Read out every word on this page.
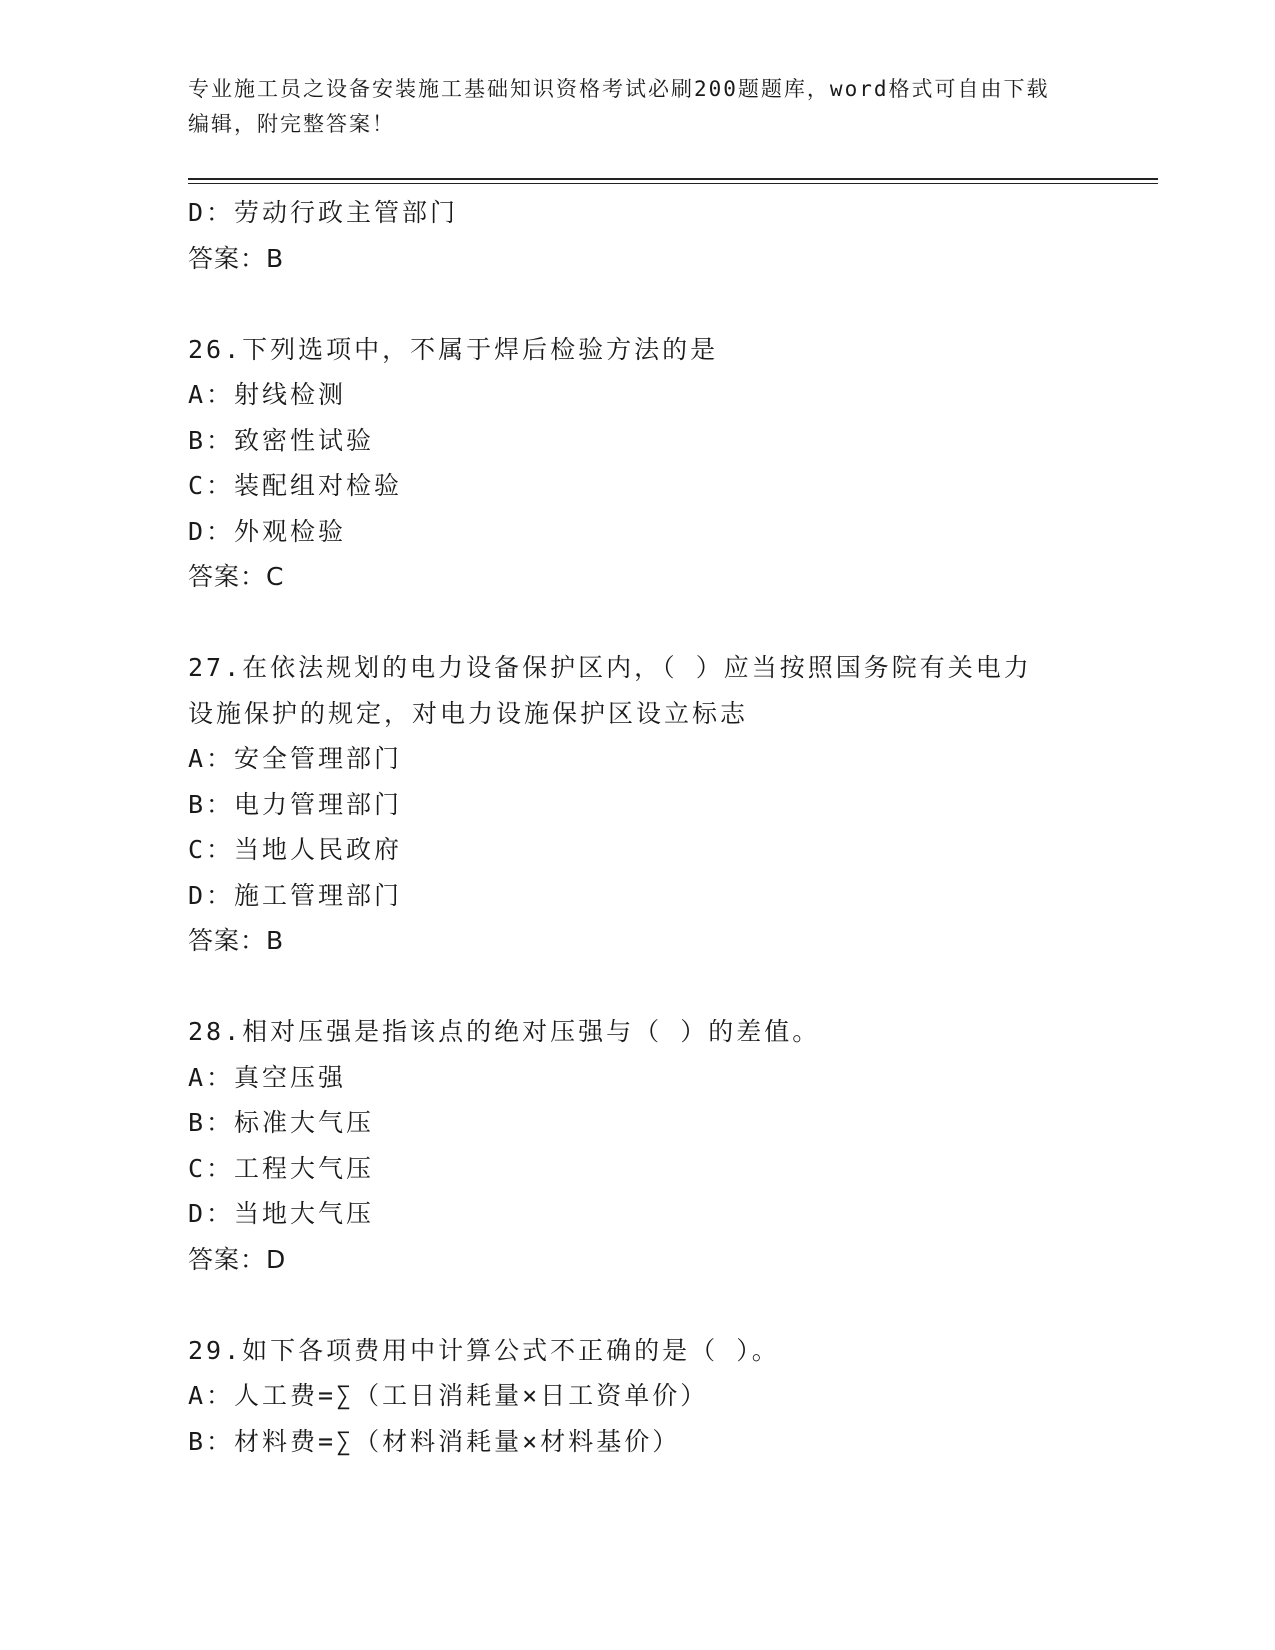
专业施工员之设备安装施工基础知识资格考试必刷200题题库，word格式可自由下载编辑，附完整答案！
D：劳动行政主管部门
答案：B
26.下列选项中，不属于焊后检验方法的是
A：射线检测
B：致密性试验
C：装配组对检验
D：外观检验
答案：C
27.在依法规划的电力设备保护区内，（ ）应当按照国务院有关电力设施保护的规定，对电力设施保护区设立标志
A：安全管理部门
B：电力管理部门
C：当地人民政府
D：施工管理部门
答案：B
28.相对压强是指该点的绝对压强与（ ）的差值。
A：真空压强
B：标准大气压
C：工程大气压
D：当地大气压
答案：D
29.如下各项费用中计算公式不正确的是（ ）。
A：人工费=∑（工日消耗量×日工资单价）
B：材料费=∑（材料消耗量×材料基价）
